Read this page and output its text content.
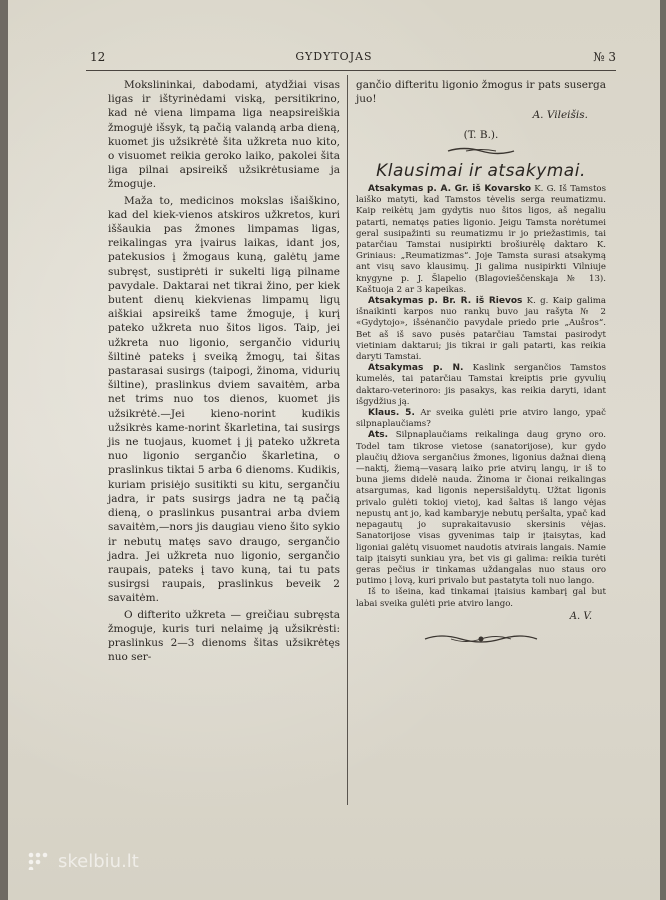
12	GYDYTOJAS	№ 3

Mokslininkai, dabodami, atydžiai visas ligas ir ištyrinėdami viską, persitikrino, kad nė viena limpama liga neapsireiškia žmogujė išsyk, tą pačią valandą arba dieną, kuomet jis užsikrėtė šita užkreta nuo kito, o visuomet reikia geroko laiko, pakolei šita liga pilnai apsireikš užsikrėtusiame ja žmoguje.

Maža to, medicinos mokslas išaiškino, kad del kiek-vienos atskiros užkretos, kuri iššaukia pas žmones limpamas ligas, reikalingas yra įvairus laikas, idant jos, patekusios į žmogaus kuną, galėtų jame subręst, sustiprėti ir sukelti ligą pilname pavydale. Daktarai net tikrai žino, per kiek butent dienų kiekvienas limpamų ligų aiškiai apsireikš tame žmoguje, į kurį pateko užkreta nuo šitos ligos. Taip, jei užkreta nuo ligonio, sergančio vidurių šiltinė pateks į sveiką žmogų, tai šitas pastarasai susirgs (taipogi, žinoma, vidurių šiltine), praslinkus dviem savaitėm, arba net trims nuo tos dienos, kuomet jis užsikrėtė.—Jei kieno-norint kudikis užsikrės kame-norint škarletina, tai susirgs jis ne tuojaus, kuomet į jį pateko užkreta nuo ligonio sergančio škarletina, o praslinkus tiktai 5 arba 6 dienoms. Kudikis, kuriam prisiėjo susitikti su kitu, sergančiu jadra, ir pats susirgs jadra ne tą pačią dieną, o praslinkus pusantrai arba dviem savaitėm,—nors jis daugiau vieno šito sykio ir nebutų matęs savo draugo, sergančio jadra. Jei užkreta nuo ligonio, sergančio raupais, pateks į tavo kuną, tai tu pats susirgsi raupais, praslinkus beveik 2 savaitėm.

O difterito užkreta — greičiau subręsta žmoguje, kuris turi nelaimę ją užsikrėsti: praslinkus 2—3 dienoms šitas užsikrėtęs nuo ser-

gančio difteritu ligonio žmogus ir pats suserga juo!

A. Vileišis.
(T. B.).
Klausimai ir atsakymai.

Atsakymas p. A. Gr. iš Kovarsko K. G. Iš Tamstos laiško matyti, kad Tamstos tėvelis serga reumatizmu. Kaip reikėtų jam gydytis nuo šitos ligos, aš negaliu patarti, nematęs paties ligonio. Jeigu Tamsta norėtumei geral susipažinti su reumatizmu ir jo priežastimis, tai patarčiau Tamstai nusipirkti brošiurėlę daktaro K. Griniaus: „Reumatizmas“. Joje Tamsta surasi atsakymą ant visų savo klausimų. Ji galima nusipirkti Vilniuje knygyne p. J. Šlapelio (Blagovieščenskaja № 13). Kaštuoja 2 ar 3 kapeikas.

Atsakymas p. Br. R. iš Rievos K. g. Kaip galima išnaikinti karpos nuo rankų buvo jau rašyta № 2 «Gydytojo», išsėnančio pavydale priedo prie „Aušros“. Bet aš iš savo pusės patarčiau Tamstai pasirodyt vietiniam daktarui; jis tikrai ir gali patarti, kas reikia daryti Tamstai.

Atsakymas p. N. Kaslink sergančios Tamstos kumelės, tai patarčiau Tamstai kreiptis prie gyvulių daktaro-veterinoro: jis pasakys, kas reikia daryti, idant išgydžius ją.

Klaus. 5. Ar sveika gulėti prie atviro lango, ypač silpnaplaučiams?

Ats. Silpnaplaučiams reikalinga daug gryno oro. Todel tam tikrose vietose (sanatorijose), kur gydo plaučių džiova sergančius žmones, ligonius dažnai dieną—naktį, žiemą—vasarą laiko prie atvirų langų, ir iš to buna jiems didelė nauda. Žinoma ir čionai reikalingas atsargumas, kad ligonis nepersišaldytų. Užtat ligonis privalo gulėti tokioj vietoj, kad šaltas iš lango vėjas nepustų ant jo, kad kambaryje nebutų peršalta, ypač kad nepagautų jo suprakaitavusio skersinis vėjas. Sanatorijose visas gyvenimas taip ir įtaisytas, kad ligoniai galėtų visuomet naudotis atvirais langais. Namie taip įtaisyti sunkiau yra, bet vis gi galima: reikia turėti geras pečius ir tinkamas uždangalas nuo staus oro putimo į lovą, kuri privalo but pastatyta toli nuo lango.

Iš to išeina, kad tinkamai įtaisius kambarį gal but labai sveika gulėti prie atviro lango.

A. V.
skelbiu.lt
